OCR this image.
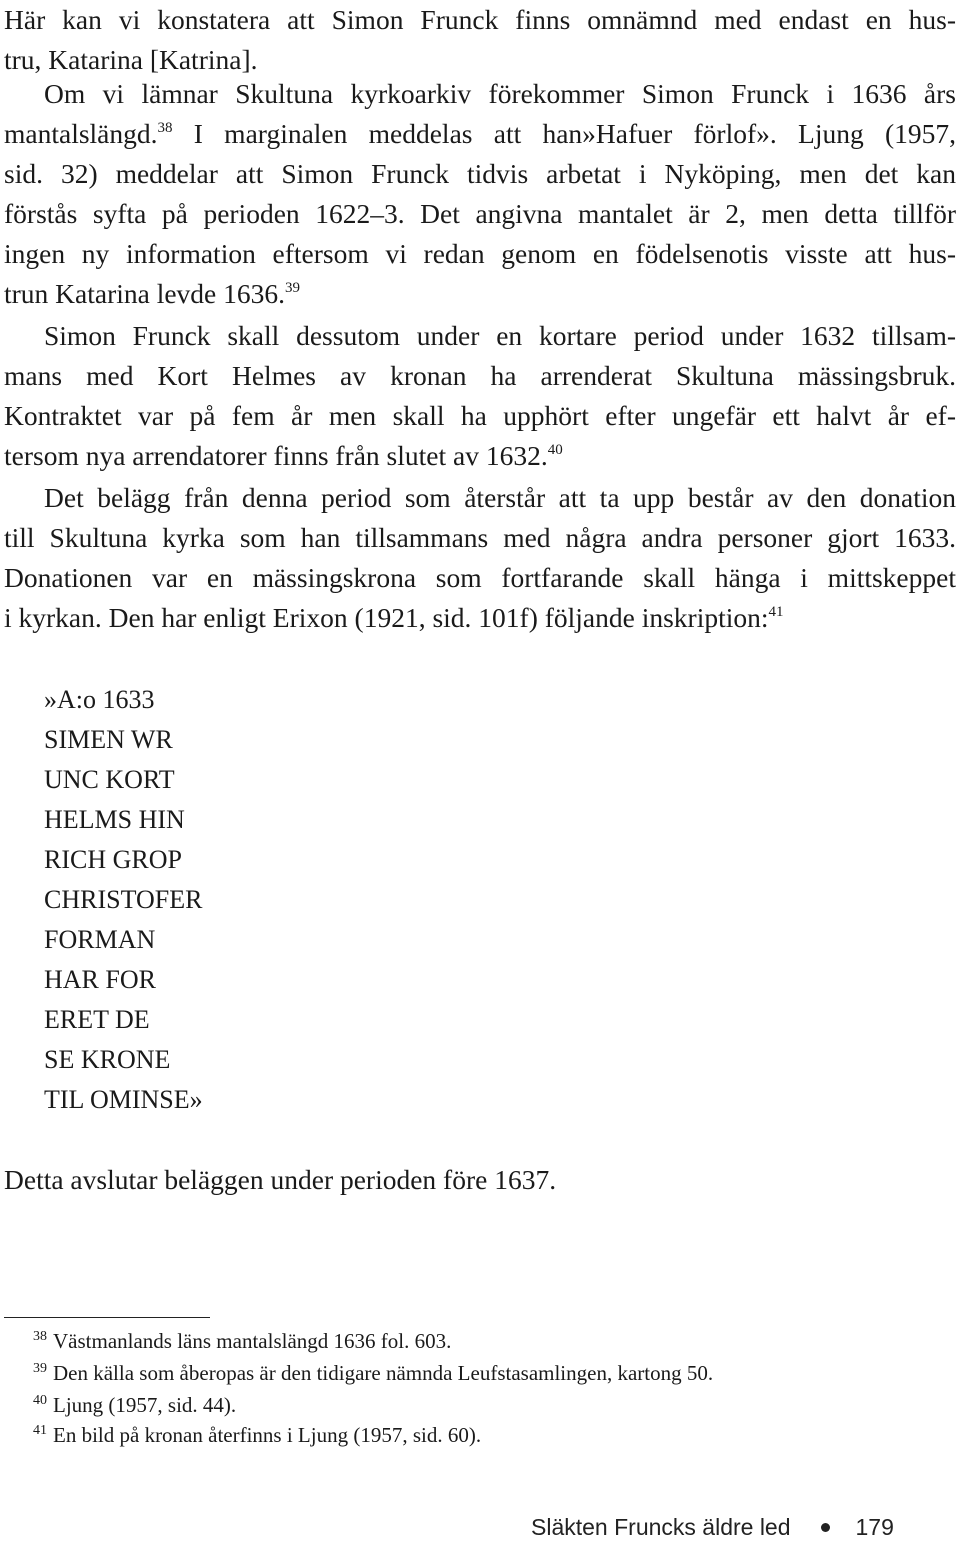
Här kan vi konstatera att Simon Frunck finns omnämnd med endast en hus-
tru, Katarina [Katrina].
Om vi lämnar Skultuna kyrkoarkiv förekommer Simon Frunck i 1636 års
mantalslängd.$^{38}$ I marginalen meddelas att han»Hafuer förlof». Ljung (1957,
sid. 32) meddelar att Simon Frunck tidvis arbetat i Nyköping, men det kan
förstås syfta på perioden 1622–3. Det angivna mantalet är 2, men detta tillför
ingen ny information eftersom vi redan genom en födelsenotis visste att hus-
trun Katarina levde 1636.39
Simon Frunck skall dessutom under en kortare period under 1632 tillsam-
mans med Kort Helmes av kronan ha arrenderat Skultuna mässingsbruk.
Kontraktet var på fem år men skall ha upphört efter ungefär ett halvt år ef-
tersom nya arrendatorer finns från slutet av 1632.40
Det belägg från denna period som återstår att ta upp består av den donation
till Skultuna kyrka som han tillsammans med några andra personer gjort 1633.
Donationen var en mässingskrona som fortfarande skall hänga i mittskeppet
i kyrkan. Den har enligt Erixon (1921, sid. 101f) följande inskription:$^{41}$
»A:o 1633
SIMEN WR
UNC KORT
HELMS HIN
RICH GROP
CHRISTOFER
FORMAN
HAR FOR
ERET DE
SE KRONE
TIL OMINSE»
Detta avslutar beläggen under perioden före 1637.
38 Västmanlands läns mantalslängd 1636 fol. 603.
39 Den källa som åberopas är den tidigare nämnda Leufstasamlingen, kartong 50.
40 Ljung (1957, sid. 44).
41 En bild på kronan återfinns i Ljung (1957, sid. 60).
Släkten Fruncks äldre led	179
